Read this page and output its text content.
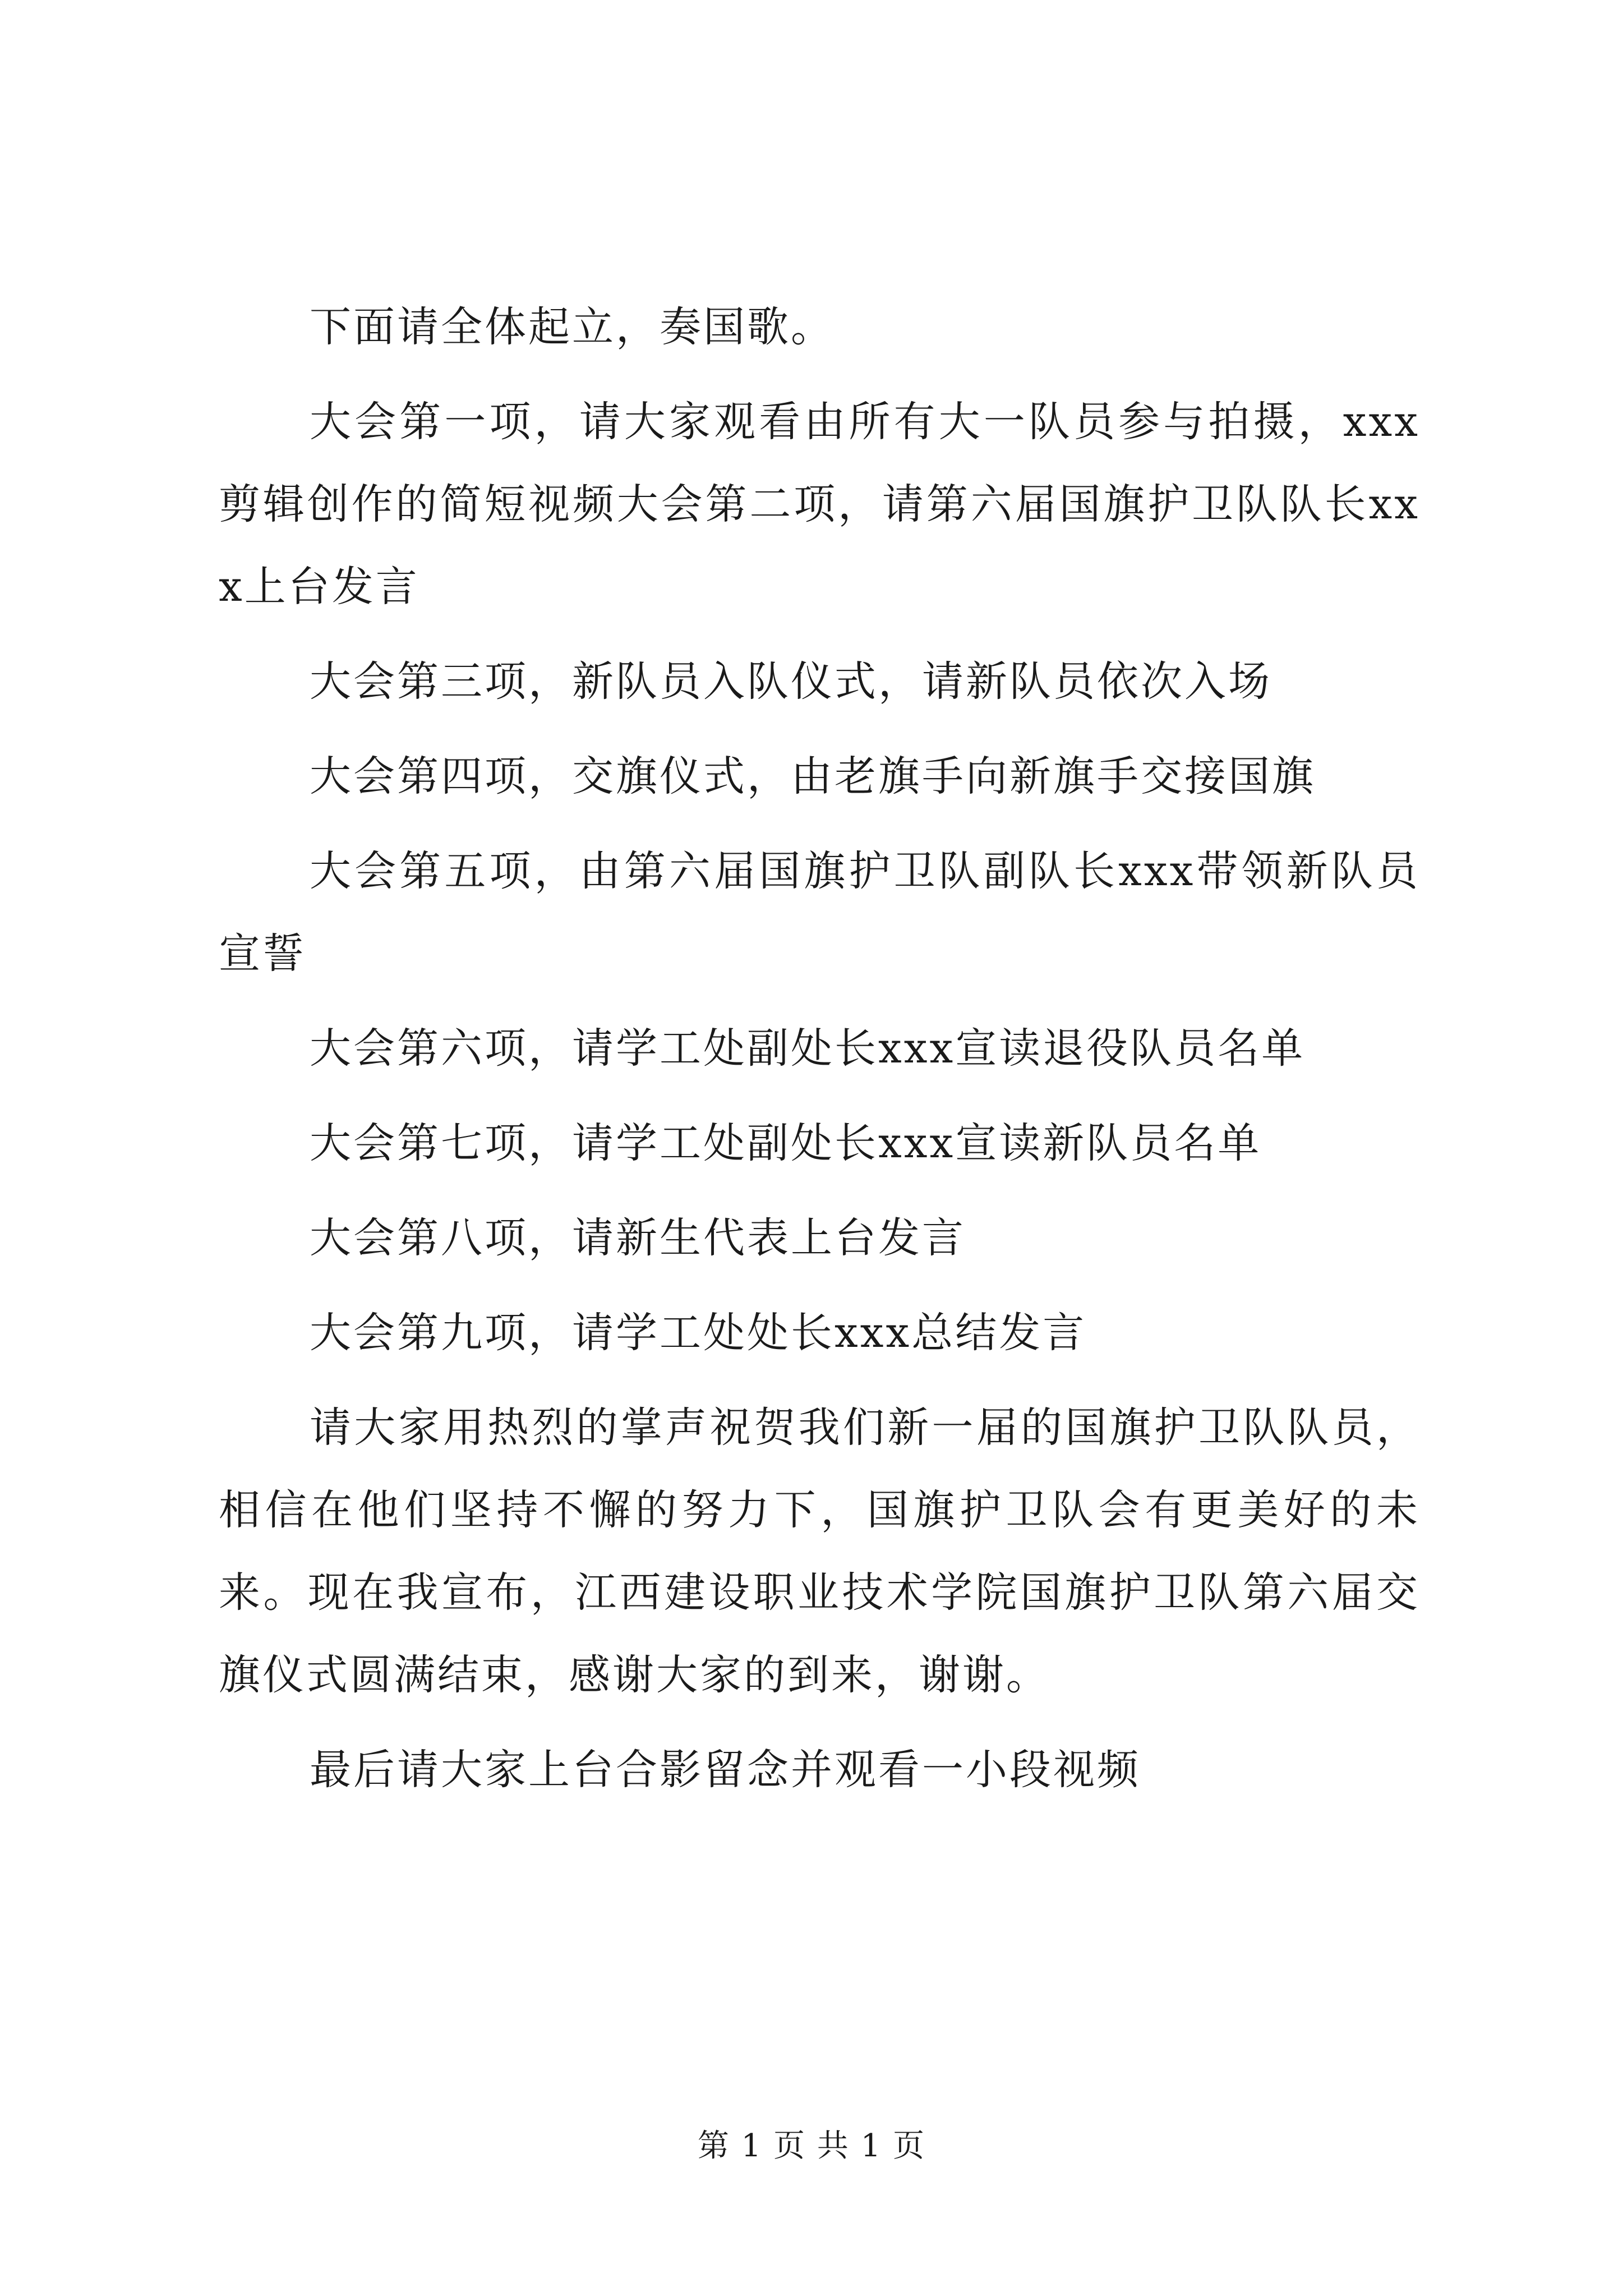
下面请全体起立，奏国歌。

大会第一项，请大家观看由所有大一队员参与拍摄，xxx剪辑创作的简短视频大会第二项，请第六届国旗护卫队队长xxx上台发言

大会第三项，新队员入队仪式，请新队员依次入场

大会第四项，交旗仪式，由老旗手向新旗手交接国旗

大会第五项，由第六届国旗护卫队副队长xxx带领新队员宣誓

大会第六项，请学工处副处长xxx宣读退役队员名单

大会第七项，请学工处副处长xxx宣读新队员名单

大会第八项，请新生代表上台发言

大会第九项，请学工处处长xxx总结发言

请大家用热烈的掌声祝贺我们新一届的国旗护卫队队员，相信在他们坚持不懈的努力下，国旗护卫队会有更美好的未来。现在我宣布，江西建设职业技术学院国旗护卫队第六届交旗仪式圆满结束，感谢大家的到来，谢谢。

最后请大家上台合影留念并观看一小段视频

第 1 页 共 1 页
